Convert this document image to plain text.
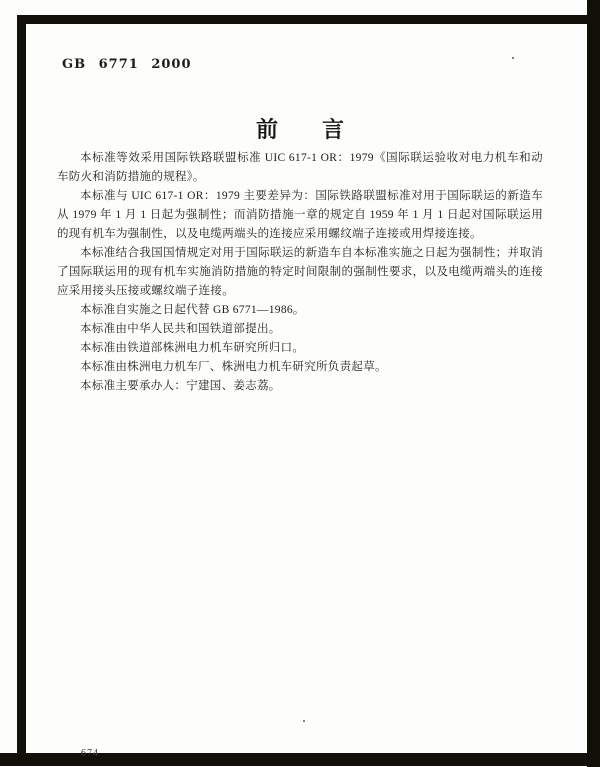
GB 6771 2000
前 言

本标准等效采用国际铁路联盟标准 UIC 617-1 OR：1979《国际联运验收对电力机车和动车防火和消防措施的规程》。

本标准与 UIC 617-1 OR：1979 主要差异为：国际铁路联盟标准对用于国际联运的新造车从 1979 年 1 月 1 日起为强制性；而消防措施一章的规定自 1959 年 1 月 1 日起对国际联运用的现有机车为强制性，以及电缆两端头的连接应采用螺纹端子连接或用焊接连接。

本标准结合我国国情规定对用于国际联运的新造车自本标准实施之日起为强制性；并取消了国际联运用的现有机车实施消防措施的特定时间限制的强制性要求，以及电缆两端头的连接应采用接头压接或螺纹端子连接。

本标准自实施之日起代替 GB 6771—1986。

本标准由中华人民共和国铁道部提出。

本标准由铁道部株洲电力机车研究所归口。

本标准由株洲电力机车厂、株洲电力机车研究所负责起草。

本标准主要承办人：宁建国、姜志荔。

674
